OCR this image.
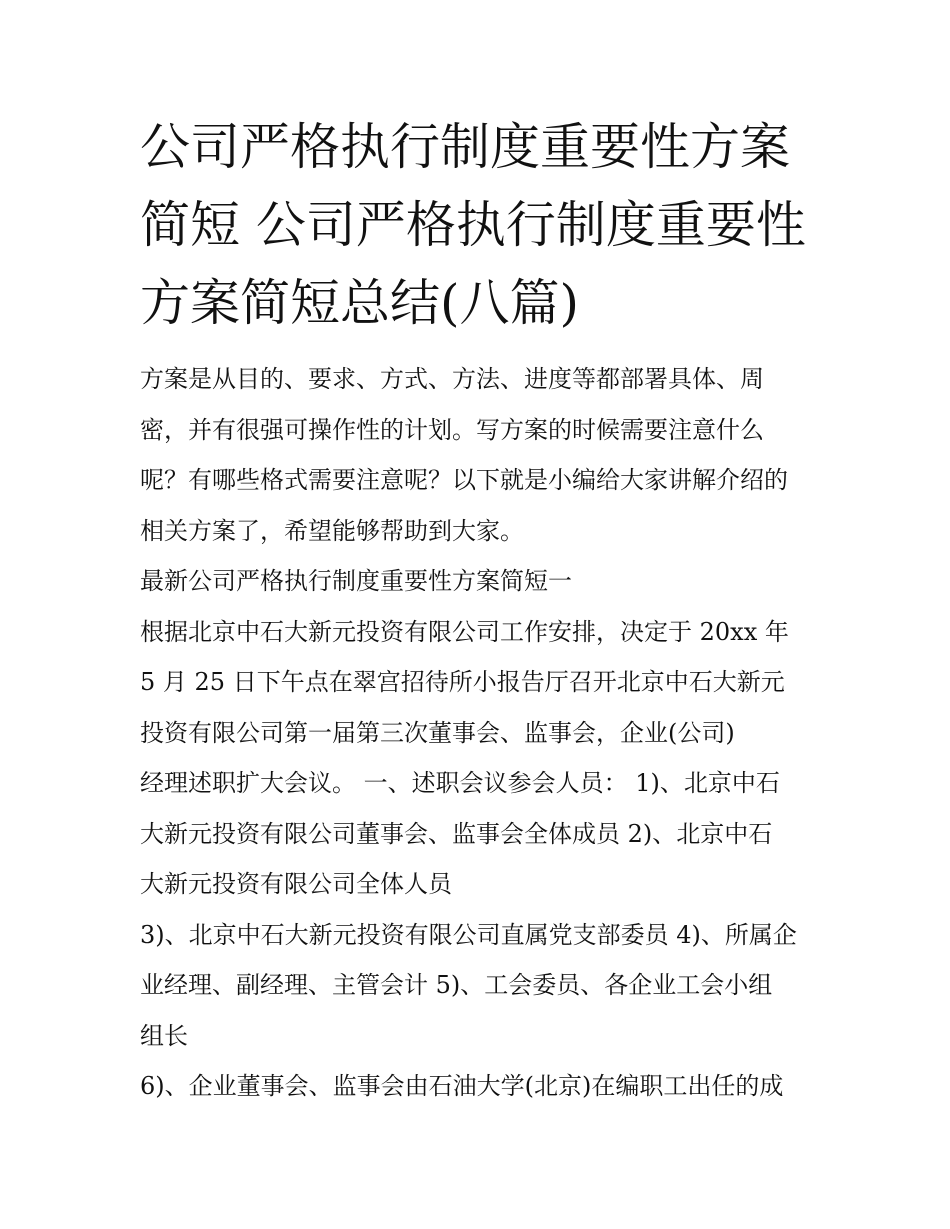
公司严格执行制度重要性方案
简短 公司严格执行制度重要性
方案简短总结(八篇)
方案是从目的、要求、方式、方法、进度等都部署具体、周
密，并有很强可操作性的计划。写方案的时候需要注意什么
呢？有哪些格式需要注意呢？以下就是小编给大家讲解介绍的
相关方案了，希望能够帮助到大家。
最新公司严格执行制度重要性方案简短一
根据北京中石大新元投资有限公司工作安排，决定于 20xx 年
5 月 25 日下午点在翠宫招待所小报告厅召开北京中石大新元
投资有限公司第一届第三次董事会、监事会，企业(公司)
经理述职扩大会议。 一、述职会议参会人员： 1)、北京中石
大新元投资有限公司董事会、监事会全体成员 2)、北京中石
大新元投资有限公司全体人员
3)、北京中石大新元投资有限公司直属党支部委员 4)、所属企
业经理、副经理、主管会计 5)、工会委员、各企业工会小组
组长
6)、企业董事会、监事会由石油大学(北京)在编职工出任的成
